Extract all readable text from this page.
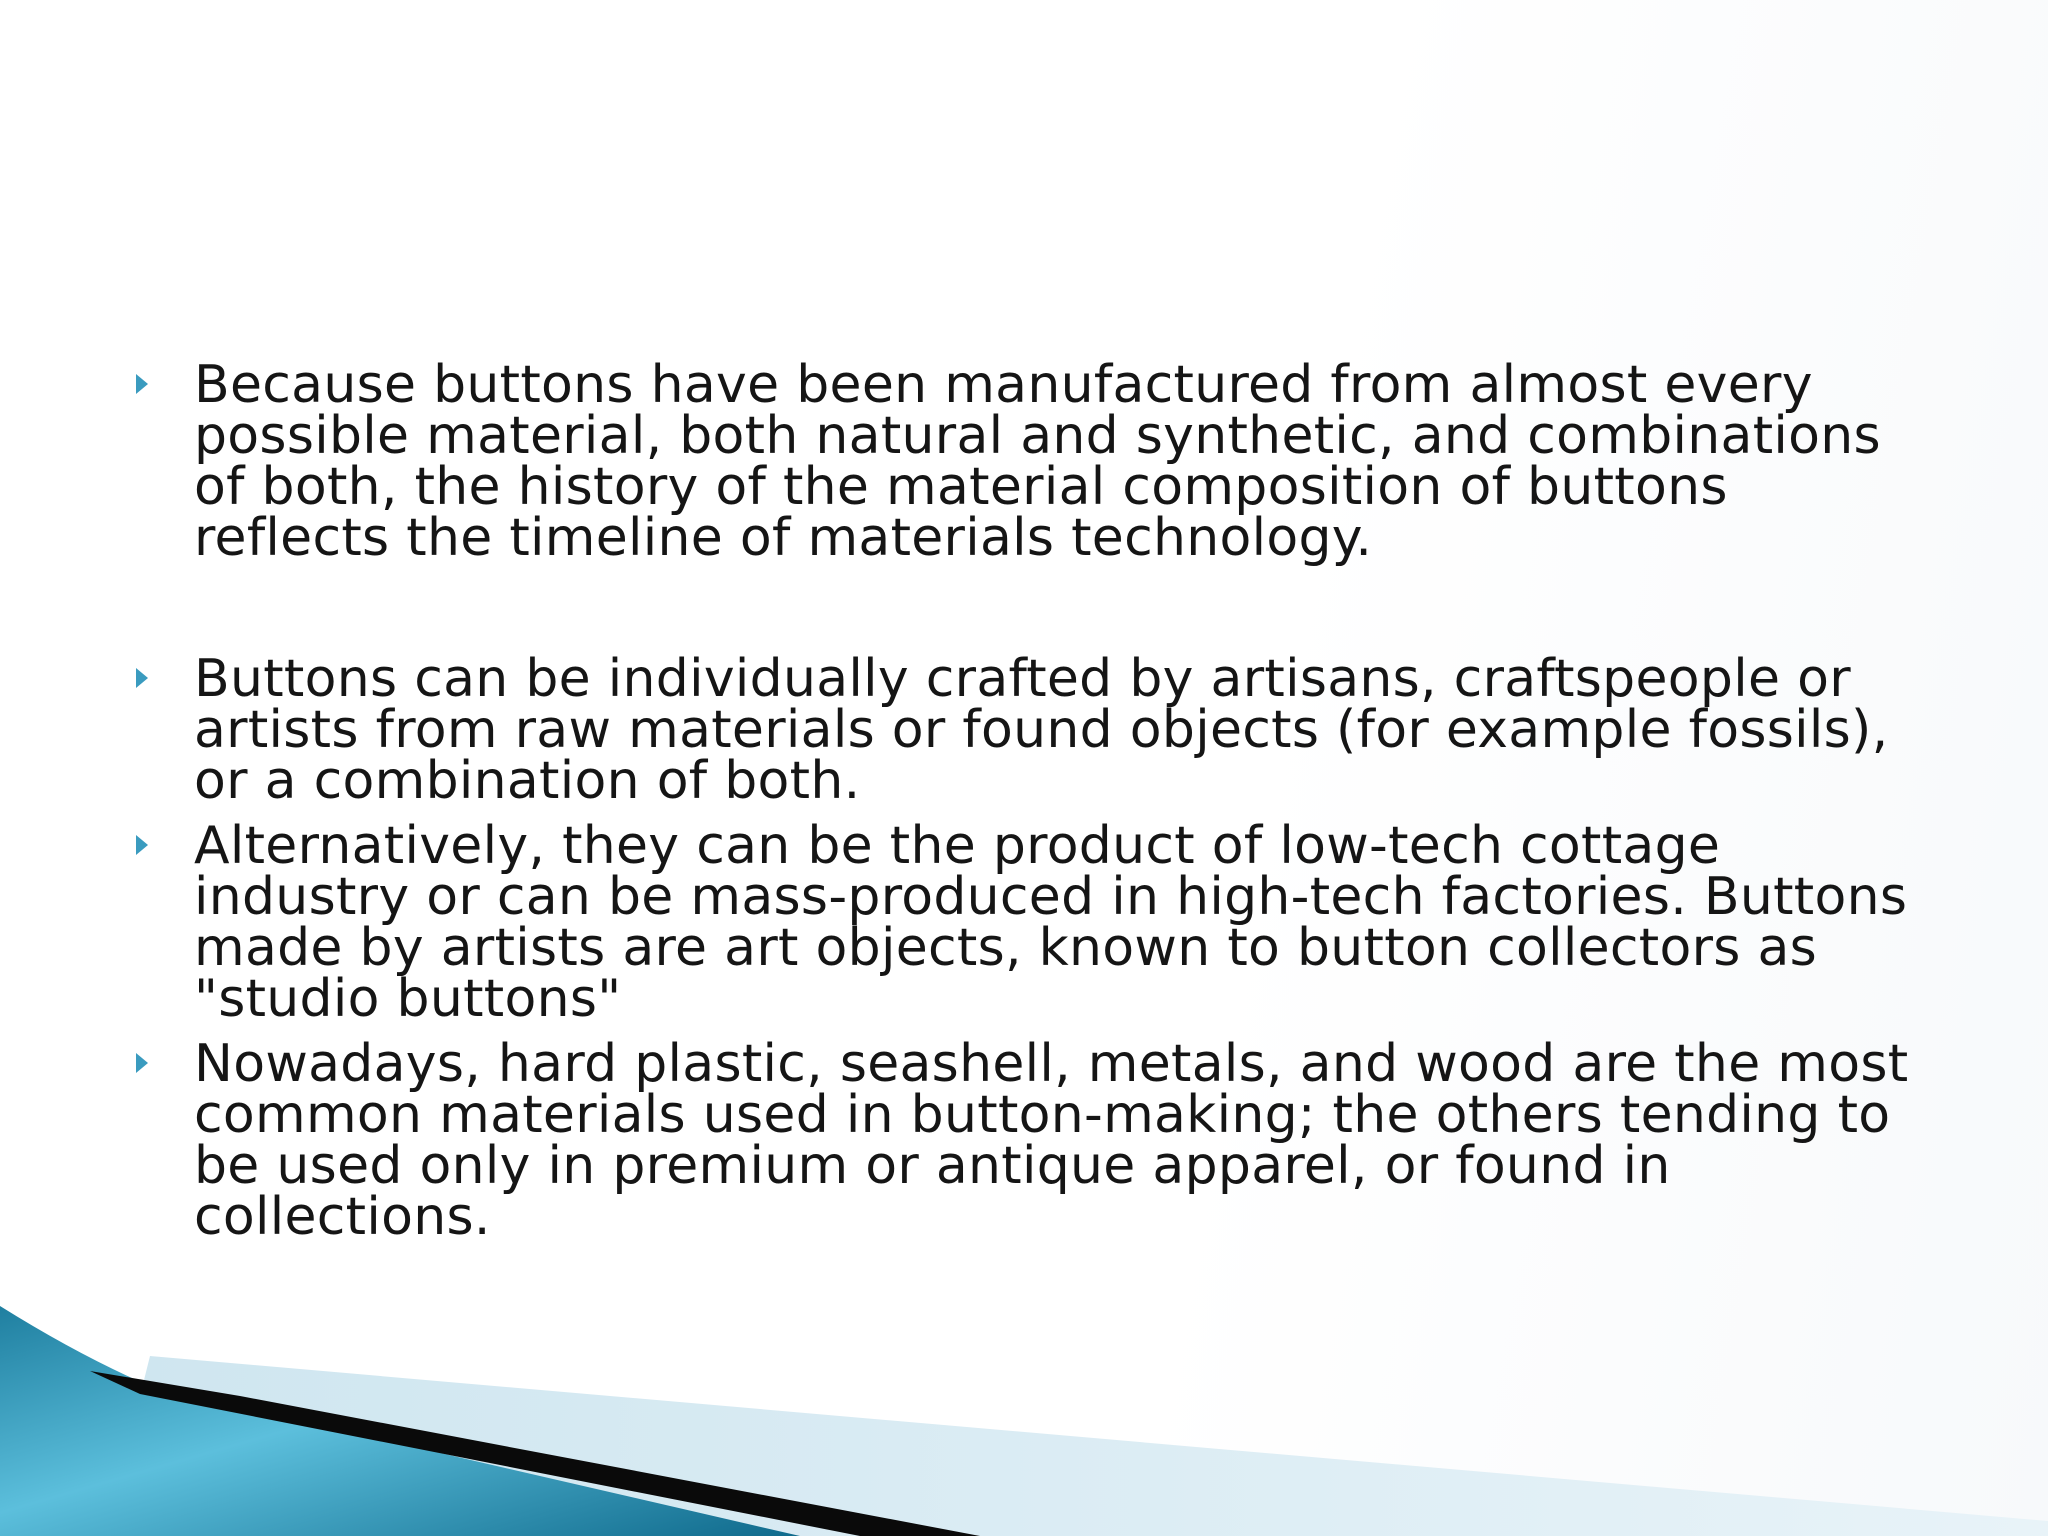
Because buttons have been manufactured from almost every possible material, both natural and synthetic, and combinations of both, the history of the material composition of buttons reflects the timeline of materials technology.
Buttons can be individually crafted by artisans, craftspeople or artists from raw materials or found objects (for example fossils), or a combination of both.
Alternatively, they can be the product of low-tech cottage industry or can be mass-produced in high-tech factories. Buttons made by artists are art objects, known to button collectors as "studio buttons"
Nowadays, hard plastic, seashell, metals, and wood are the most common materials used in button-making; the others tending to be used only in premium or antique apparel, or found in collections.
